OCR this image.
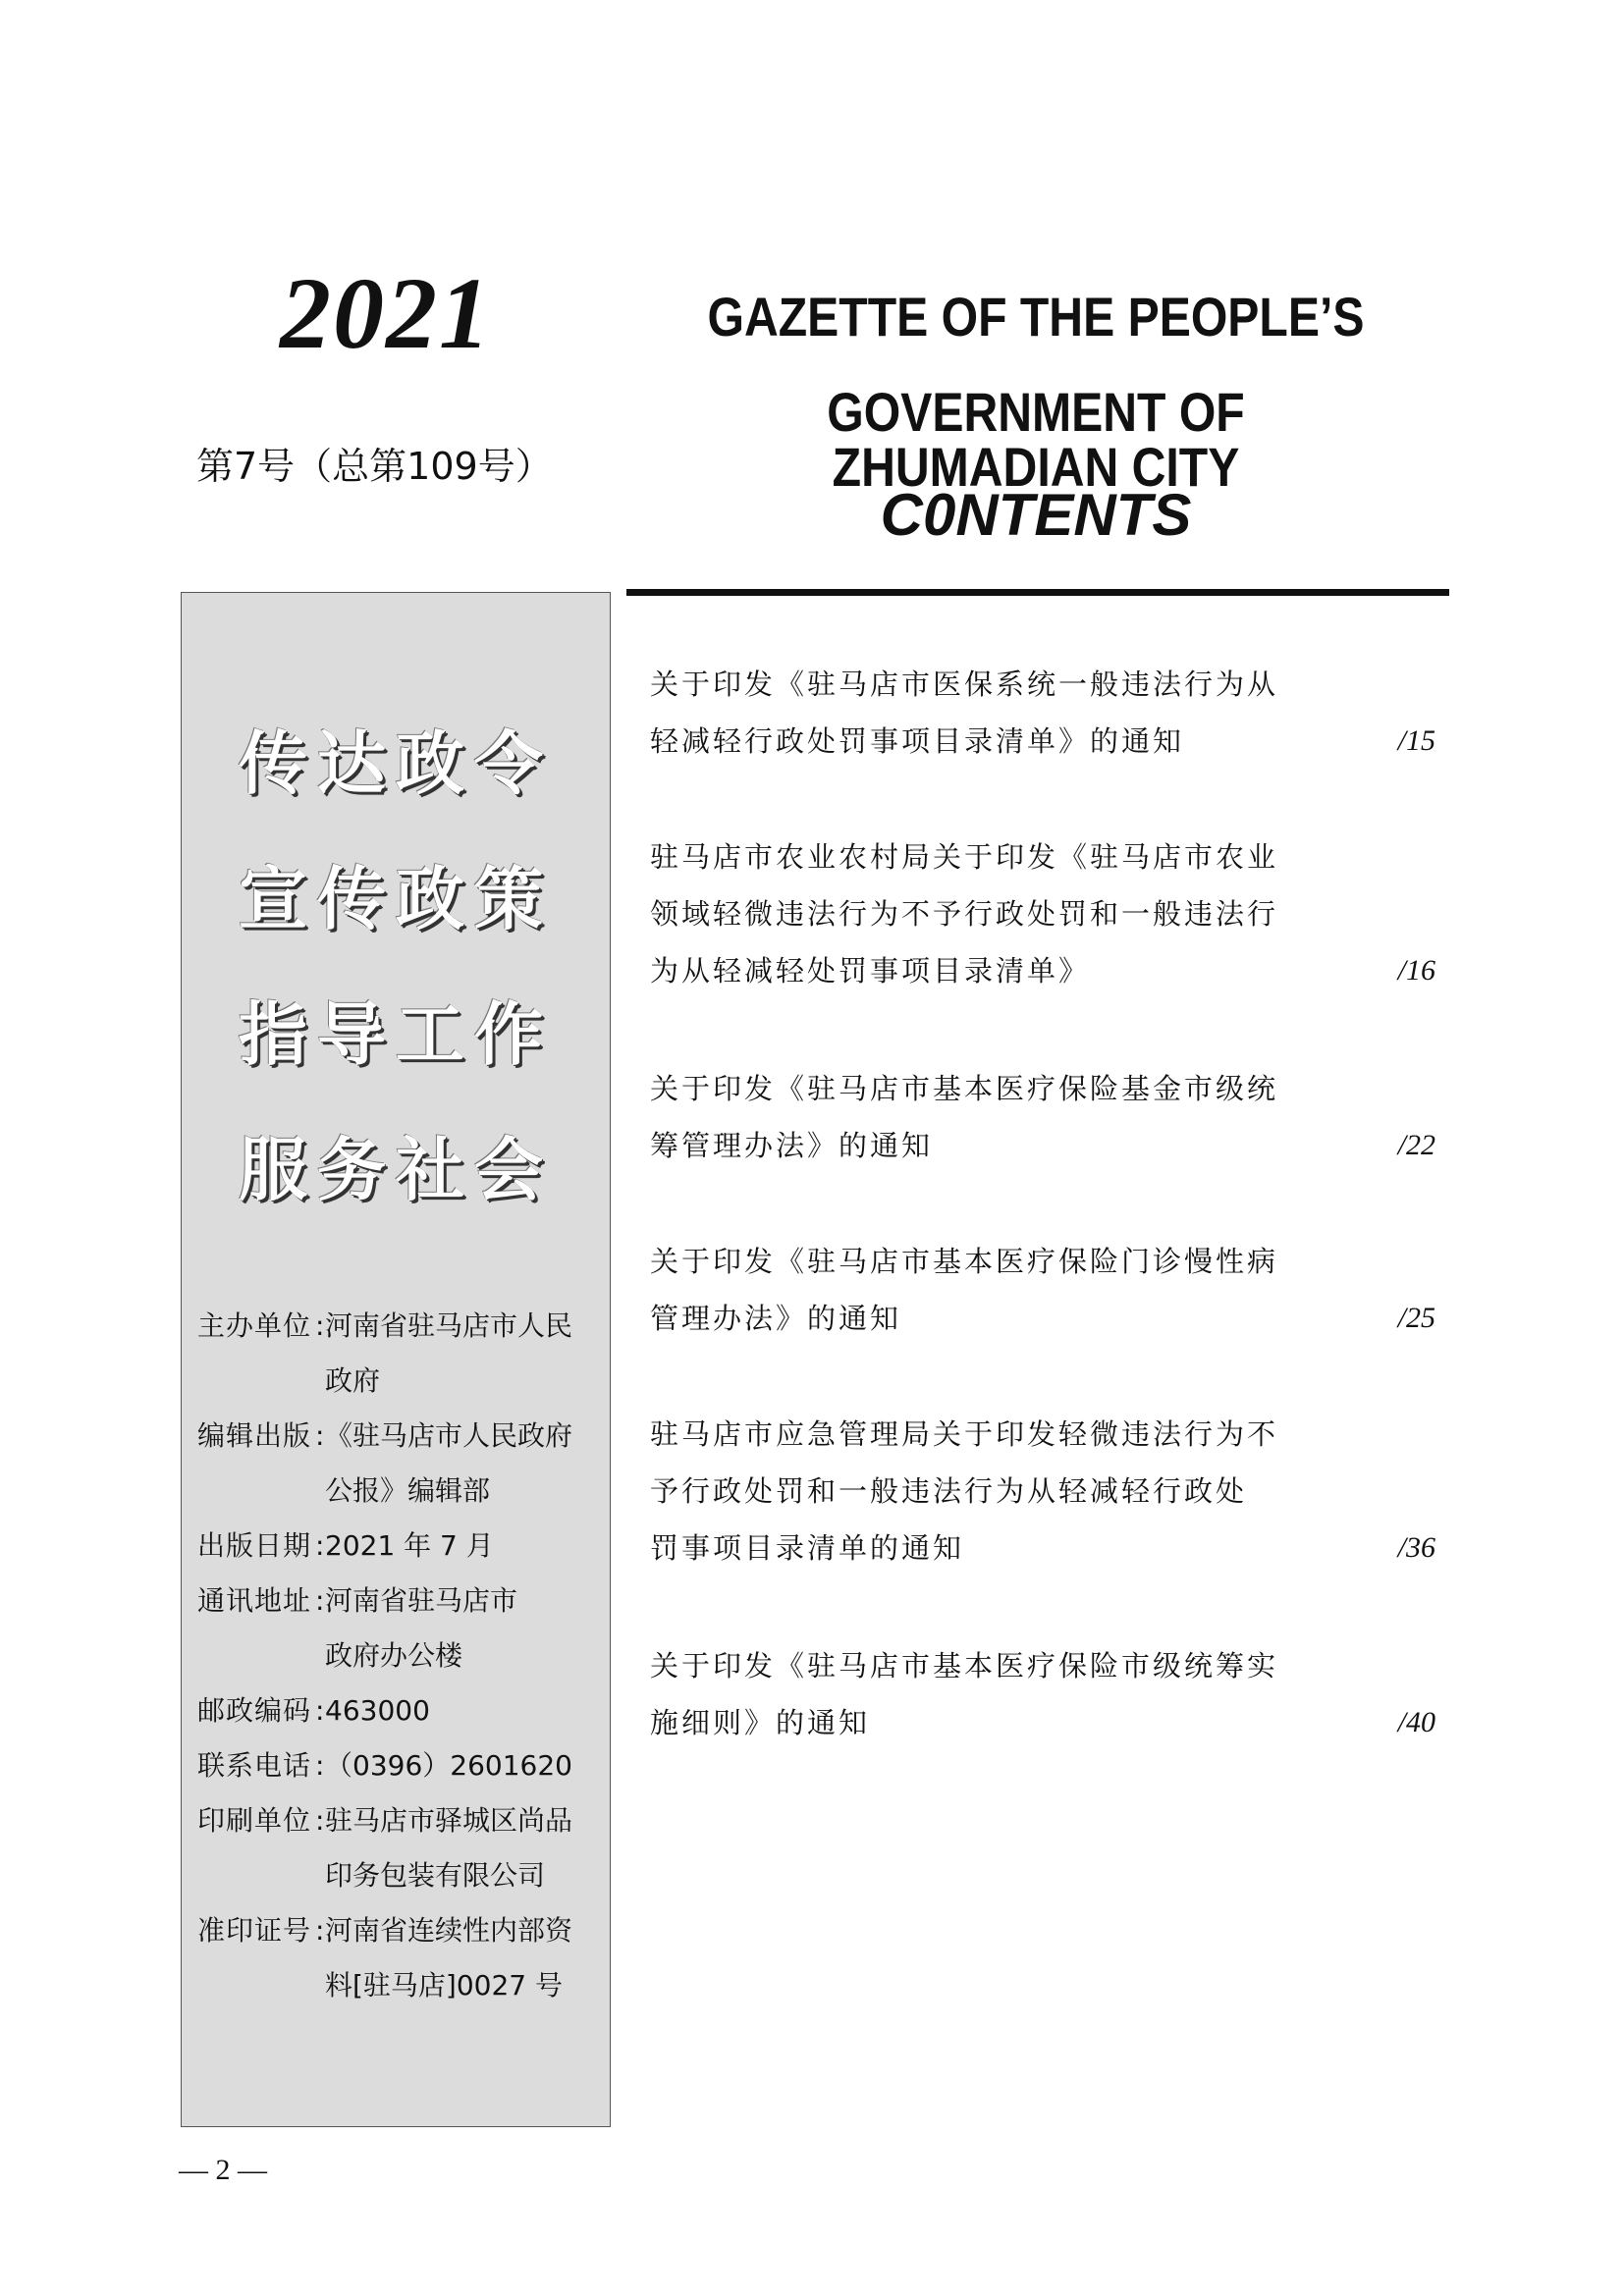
2021
第7号（总第109号）
GAZETTE OF THE PEOPLE’S
GOVERNMENT OF ZHUMADIAN CITY
C0NTENTS
传达政令
宣传政策
指导工作
服务社会
主办单位 : 河南省驻马店市人民
政府
编辑出版 : 《驻马店市人民政府
公报》编辑部
出版日期 : 2021 年 7 月
通讯地址 : 河南省驻马店市
政府办公楼
邮政编码 : 463000
联系电话 : （0396）2601620
印刷单位 : 驻马店市驿城区尚品
印务包装有限公司
准印证号 : 河南省连续性内部资
料[驻马店]0027 号
关于印发《驻马店市医保系统一般违法行为从
轻减轻行政处罚事项目录清单》的通知	/15
驻马店市农业农村局关于印发《驻马店市农业
领域轻微违法行为不予行政处罚和一般违法行
为从轻减轻处罚事项目录清单》	/16
关于印发《驻马店市基本医疗保险基金市级统
筹管理办法》的通知	/22
关于印发《驻马店市基本医疗保险门诊慢性病
管理办法》的通知	/25
驻马店市应急管理局关于印发轻微违法行为不
予行政处罚和一般违法行为从轻减轻行政处
罚事项目录清单的通知	/36
关于印发《驻马店市基本医疗保险市级统筹实
施细则》的通知	/40
— 2 —
